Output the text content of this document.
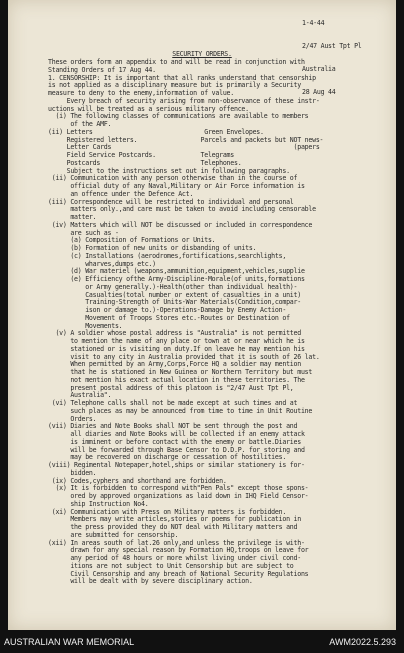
1-4-44

2/47 Aust Tpt Pl

Australia

28 Aug 44

SECURITY ORDERS.
These orders form an appendix to and will be read in conjunction with
Standing Orders of 17 Aug 44.
1. CENSORSHIP: It is important that all ranks understand that censorship
is not applied as a disciplinary measure but is primarily a Security
measure to deny to the enemy,information of value.
Every breach of security arising from non-observance of these instr-
uctions will be treated as a serious military offence.
(i) The following classes of communications are available to members
of the AMF.
(ii) Letters                              Green Envelopes.
Registered letters.                 Parcels and packets but NOT news-
Letter Cards                                                 (papers
Field Service Postcards.            Telegrams
Postcards                           Telephones.
Subject to the instructions set out in following paragraphs.
(ii) Communication with any person otherwise than in the course of
official duty of any Naval,Military or Air Force information is
an offence under the Defence Act.
(iii) Correspondence will be restricted to individual and personal
matters only.,and care must be taken to avoid including censorable
matter.
(iv) Matters which will NOT be discussed or included in correspondence
are such as -
(a) Composition of Formations or Units.
(b) Formation of new units or disbanding of units.
(c) Installations (aerodromes,fortifications,searchlights,
wharves,dumps etc.)
(d) War materiel (weapons,ammunition,equipment,vehicles,supplie
(e) Efficiency ofthe Army-Discipline-Morale(of units,formations
or Army generally.)-Health(other than individual health)-
Casualties(total number or extent of casualties in a unit)
Training-Strength of Units-War Materials(Condition,compar-
ison or damage to.)-Operations-Damage by Enemy Action-
Movement of Troops Stores etc.-Routes or Destination of
Movements.
(v) A soldier whose postal address is "Australia" is not permitted
to mention the name of any place or town at or near which he is
stationed or is visiting on duty.If on leave he may mention his
visit to any city in Australia provided that it is south of 26 lat.
When permitted by an Army,Corps,Force HQ a soldier may mention
that he is stationed in New Guinea or Northern Territory but must
not mention his exact actual location in these territories. The
present postal address of this platoon is "2/47 Aust Tpt Pl,
Australia".
(vi) Telephone calls shall not be made except at such times and at
such places as may be announced from time to time in Unit Routine
Orders.
(vii) Diaries and Note Books shall NOT be sent through the post and
all diaries and Note Books will be collected if an enemy attack
is imminent or before contact with the enemy or battle.Diaries
will be forwarded through Base Censor to D.D.P. for storing and
may be recovered on discharge or cessation of hostilities.
(viii) Regimental Notepaper,hotel,ships or similar stationery is for-
bidden.
(ix) Codes,cyphers and shorthand are forbidden.
(x) It is forbidden to correspond with"Pen Pals" except those spons-
ored by approved organizations as laid down in IHQ Field Censor-
ship Instruction No4.
(xi) Communication with Press on Military matters is forbidden.
Members may write articles,stories or poems for publication in
the press provided they do NOT deal with Military matters and
are submitted for censorship.
(xii) In areas south of lat.26 only,and unless the privilege is with-
drawn for any special reason by Formation HQ,troops on leave for
any period of 48 hours or more whilst living under civil cond-
itions are not subject to Unit Censorship but are subject to
Civil Censorship and any breach of National Security Regulations
will be dealt with by severe disciplinary action.
AUSTRALIAN WAR MEMORIAL	AWM2022.5.293
